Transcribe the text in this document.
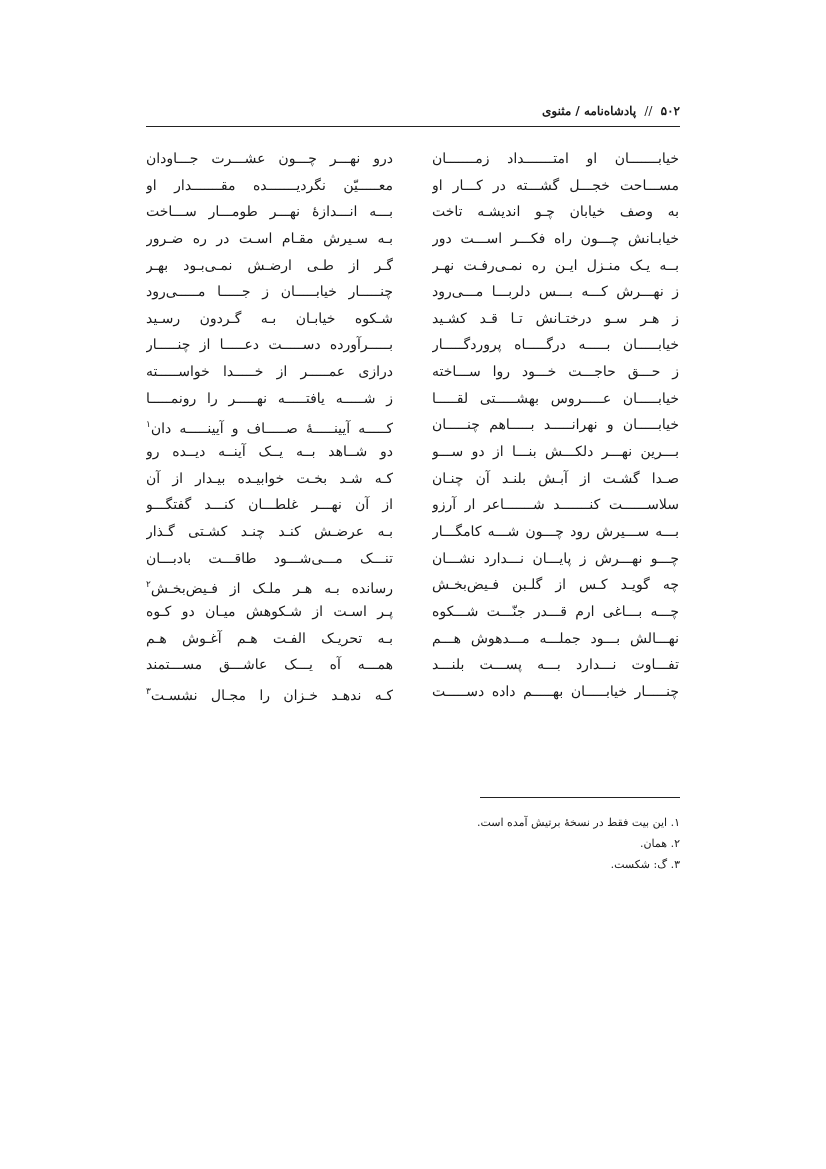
۵۰۲ // پادشاه‌نامه / مثنوی
خیابـــــــان او امتـــــــداد زمـــــــان
مســـاحت خجـــل گشـــته در کـــار او
به وصف خیابان چـو اندیشـه تاخت
خیابـانش چـــون راه فکـــر اســـت دور
بــه یـک منـزل ایـن ره نمـی‌رفـت نهـر
ز نهـــرش کـــه بـــس دلربـــا مـــی‌رود
ز هـر سـو درختـانش تـا قـد کشـید
خیابـــــان بـــــه درگـــــاه پروردگـــــار
ز حـــق حاجـــت خـــود روا ســـاخته
خیابـــــان عـــــروس بهشـــــتی لقـــــا
خیابـــــان و نهرانـــــد بـــــاهم چنـــــان
بـــرین نهـــر دلکـــش بنـــا از دو ســـو
صـدا گشـت از آبـش بلنـد آن چنـان
سلاســــــت کنـــــــد شـــــــاعر ار آرزو
بـــه ســـیرش رود چـــون شـــه کامگـــار
چـــو نهـــرش ز پایـــان نـــدارد نشـــان
چه گویـد کـس از گلـبن فـیض‌بخـش
چـــه بـــاغی ارم قـــدر جنّـــت شـــکوه
نهـــالش بـــود جملـــه مـــدهوش هـــم
تفـــاوت نـــدارد بـــه پســـت بلنـــد
چنـــــار خیابـــــان بهـــــم داده دســـــت
درو نهـــر چـــون عشـــرت جـــاودان
معـــــیّن نگردیـــــــده مقـــــــدار او
بـــه انـــدازۀ نهـــر طومـــار ســـاخت
بـه سـیرش مقـام اسـت در ره ضـرور
گـر از طـی ارضـش نمـی‌بـود بهـر
چنـــــار خیابـــــان ز جـــــا مـــــی‌رود
شـکوه خیابـان بـه گـردون رسـید
بـــــرآورده دســـــت دعـــــا از چنـــــار
درازی عمـــــر از خـــــدا خواســـــته
ز شـــــه یافتـــــه نهـــــر را رونمـــــا
کـــــه آیینـــــۀ صـــــاف و آیینـــــه دان$^۱$
دو شــاهد بــه یــک آینــه دیــده رو
کـه شـد بخـت خوابیـده بیـدار از آن
از آن نهـــر غلطـــان کنـــد گفتگـــو
بـه عرضـش کنـد چنـد کشـتی گـذار
تنـــک مـــی‌شـــود طاقـــت بادبـــان
رسانده بـه هـر ملـک از فـیض‌بخـش$^۲$
پـر اسـت از شـکوهش میـان دو کـوه
بـه تحریـک الفـت هـم آغـوش هـم
همـــه آه یـــک عاشـــق مســـتمند
کـه ندهـد خـزان را مجـال نشسـت$^۳$
۱. این بیت فقط در نسخۀ برتیش آمده است.
۲. همان.
۳. گ: شکست.
